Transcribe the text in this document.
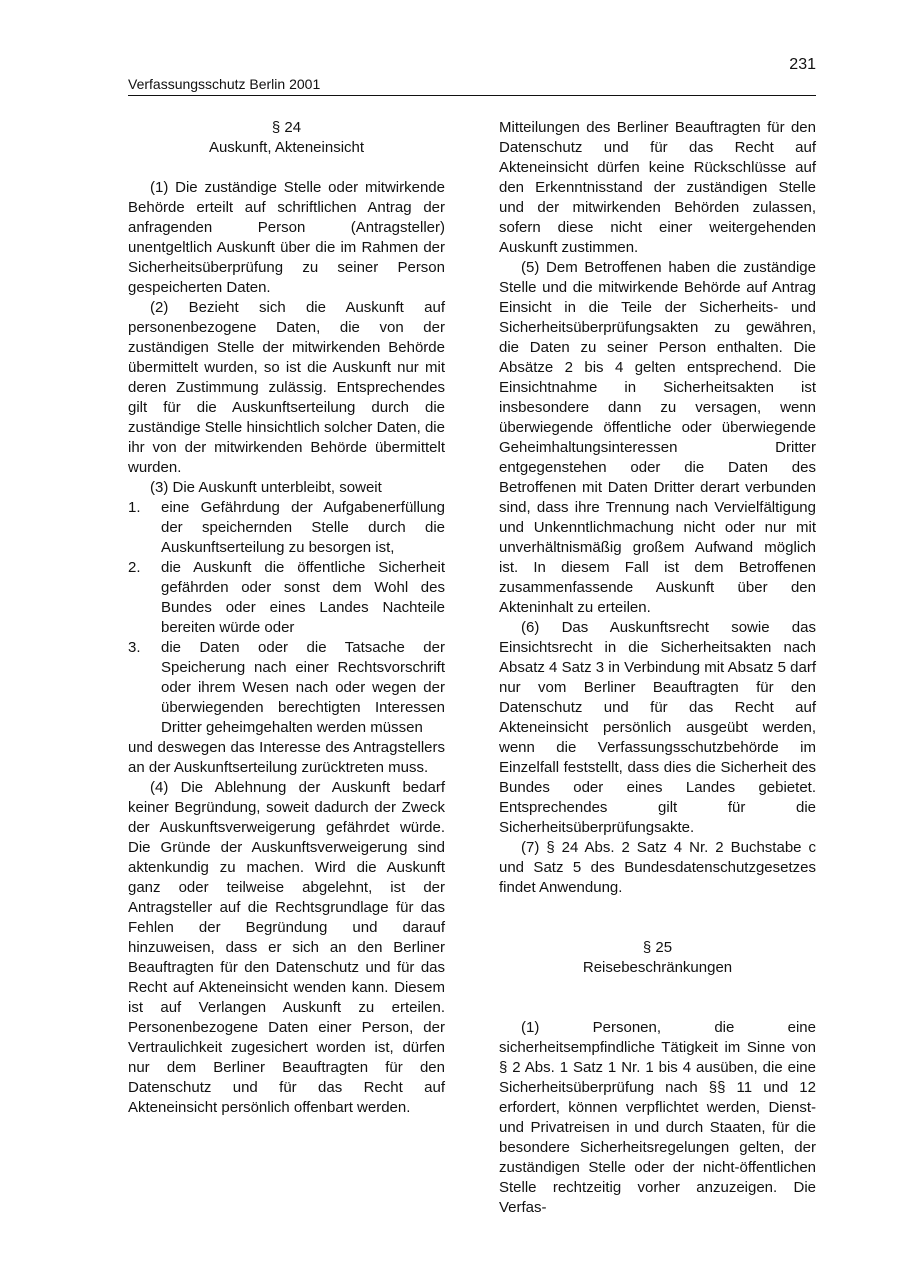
231
Verfassungsschutz Berlin 2001

§ 24

Auskunft, Akteneinsicht

(1) Die zuständige Stelle oder mitwirkende Behörde erteilt auf schriftlichen Antrag der anfragenden Person (Antragsteller) unentgeltlich Auskunft über die im Rahmen der Sicherheitsüberprüfung zu seiner Person gespeicherten Daten.

(2) Bezieht sich die Auskunft auf personenbezogene Daten, die von der zuständigen Stelle der mitwirkenden Behörde übermittelt wurden, so ist die Auskunft nur mit deren Zustimmung zulässig. Entsprechendes gilt für die Auskunftserteilung durch die zuständige Stelle hinsichtlich solcher Daten, die ihr von der mitwirkenden Behörde übermittelt wurden.

(3) Die Auskunft unterbleibt, soweit

1. eine Gefährdung der Aufgabenerfüllung der speichernden Stelle durch die Auskunftserteilung zu besorgen ist,
2. die Auskunft die öffentliche Sicherheit gefährden oder sonst dem Wohl des Bundes oder eines Landes Nachteile bereiten würde oder
3. die Daten oder die Tatsache der Speicherung nach einer Rechtsvorschrift oder ihrem Wesen nach oder wegen der überwiegenden berechtigten Interessen Dritter geheimgehalten werden müssen

und deswegen das Interesse des Antragstellers an der Auskunftserteilung zurücktreten muss.

(4) Die Ablehnung der Auskunft bedarf keiner Begründung, soweit dadurch der Zweck der Auskunftsverweigerung gefährdet würde. Die Gründe der Auskunftsverweigerung sind aktenkundig zu machen. Wird die Auskunft ganz oder teilweise abgelehnt, ist der Antragsteller auf die Rechtsgrundlage für das Fehlen der Begründung und darauf hinzuweisen, dass er sich an den Berliner Beauftragten für den Datenschutz und für das Recht auf Akteneinsicht wenden kann. Diesem ist auf Verlangen Auskunft zu erteilen. Personenbezogene Daten einer Person, der Vertraulichkeit zugesichert worden ist, dürfen nur dem Berliner Beauftragten für den Datenschutz und für das Recht auf Akteneinsicht persönlich offenbart werden.

Mitteilungen des Berliner Beauftragten für den Datenschutz und für das Recht auf Akteneinsicht dürfen keine Rückschlüsse auf den Erkenntnisstand der zuständigen Stelle und der mitwirkenden Behörden zulassen, sofern diese nicht einer weitergehenden Auskunft zustimmen.

(5) Dem Betroffenen haben die zuständige Stelle und die mitwirkende Behörde auf Antrag Einsicht in die Teile der Sicherheits- und Sicherheitsüberprüfungsakten zu gewähren, die Daten zu seiner Person enthalten. Die Absätze 2 bis 4 gelten entsprechend. Die Einsichtnahme in Sicherheitsakten ist insbesondere dann zu versagen, wenn überwiegende öffentliche oder überwiegende Geheimhaltungsinteressen Dritter entgegenstehen oder die Daten des Betroffenen mit Daten Dritter derart verbunden sind, dass ihre Trennung nach Vervielfältigung und Unkenntlichmachung nicht oder nur mit unverhältnismäßig großem Aufwand möglich ist. In diesem Fall ist dem Betroffenen zusammenfassende Auskunft über den Akteninhalt zu erteilen.

(6) Das Auskunftsrecht sowie das Einsichtsrecht in die Sicherheitsakten nach Absatz 4 Satz 3 in Verbindung mit Absatz 5 darf nur vom Berliner Beauftragten für den Datenschutz und für das Recht auf Akteneinsicht persönlich ausgeübt werden, wenn die Verfassungsschutzbehörde im Einzelfall feststellt, dass dies die Sicherheit des Bundes oder eines Landes gebietet. Entsprechendes gilt für die Sicherheitsüberprüfungsakte.

(7) § 24 Abs. 2 Satz 4 Nr. 2 Buchstabe c und Satz 5 des Bundesdatenschutzgesetzes findet Anwendung.

§ 25

Reisebeschränkungen

(1) Personen, die eine sicherheitsempfindliche Tätigkeit im Sinne von § 2 Abs. 1 Satz 1 Nr. 1 bis 4 ausüben, die eine Sicherheitsüberprüfung nach §§ 11 und 12 erfordert, können verpflichtet werden, Dienst- und Privatreisen in und durch Staaten, für die besondere Sicherheitsregelungen gelten, der zuständigen Stelle oder der nicht-öffentlichen Stelle rechtzeitig vorher anzuzeigen. Die Verfas-
